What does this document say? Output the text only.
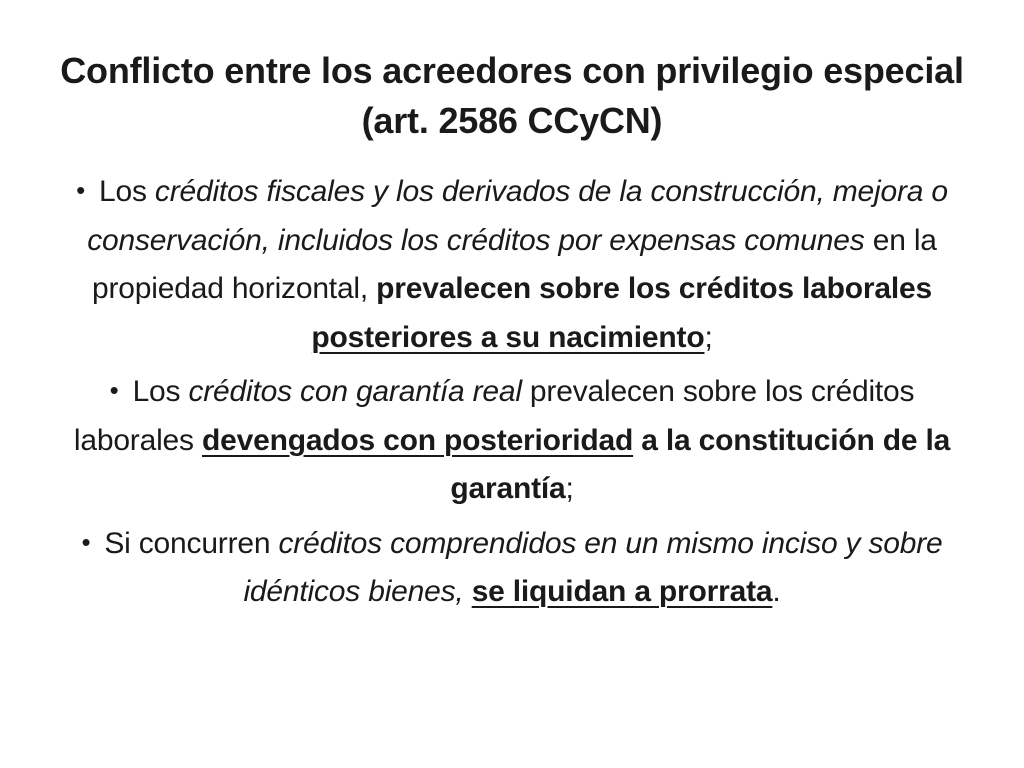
Conflicto entre los acreedores con privilegio especial (art. 2586 CCyCN)
• Los créditos fiscales y los derivados de la construcción, mejora o conservación, incluidos los créditos por expensas comunes en la propiedad horizontal, prevalecen sobre los créditos laborales posteriores a su nacimiento;
• Los créditos con garantía real prevalecen sobre los créditos laborales devengados con posterioridad a la constitución de la garantía;
• Si concurren créditos comprendidos en un mismo inciso y sobre idénticos bienes, se liquidan a prorrata.
